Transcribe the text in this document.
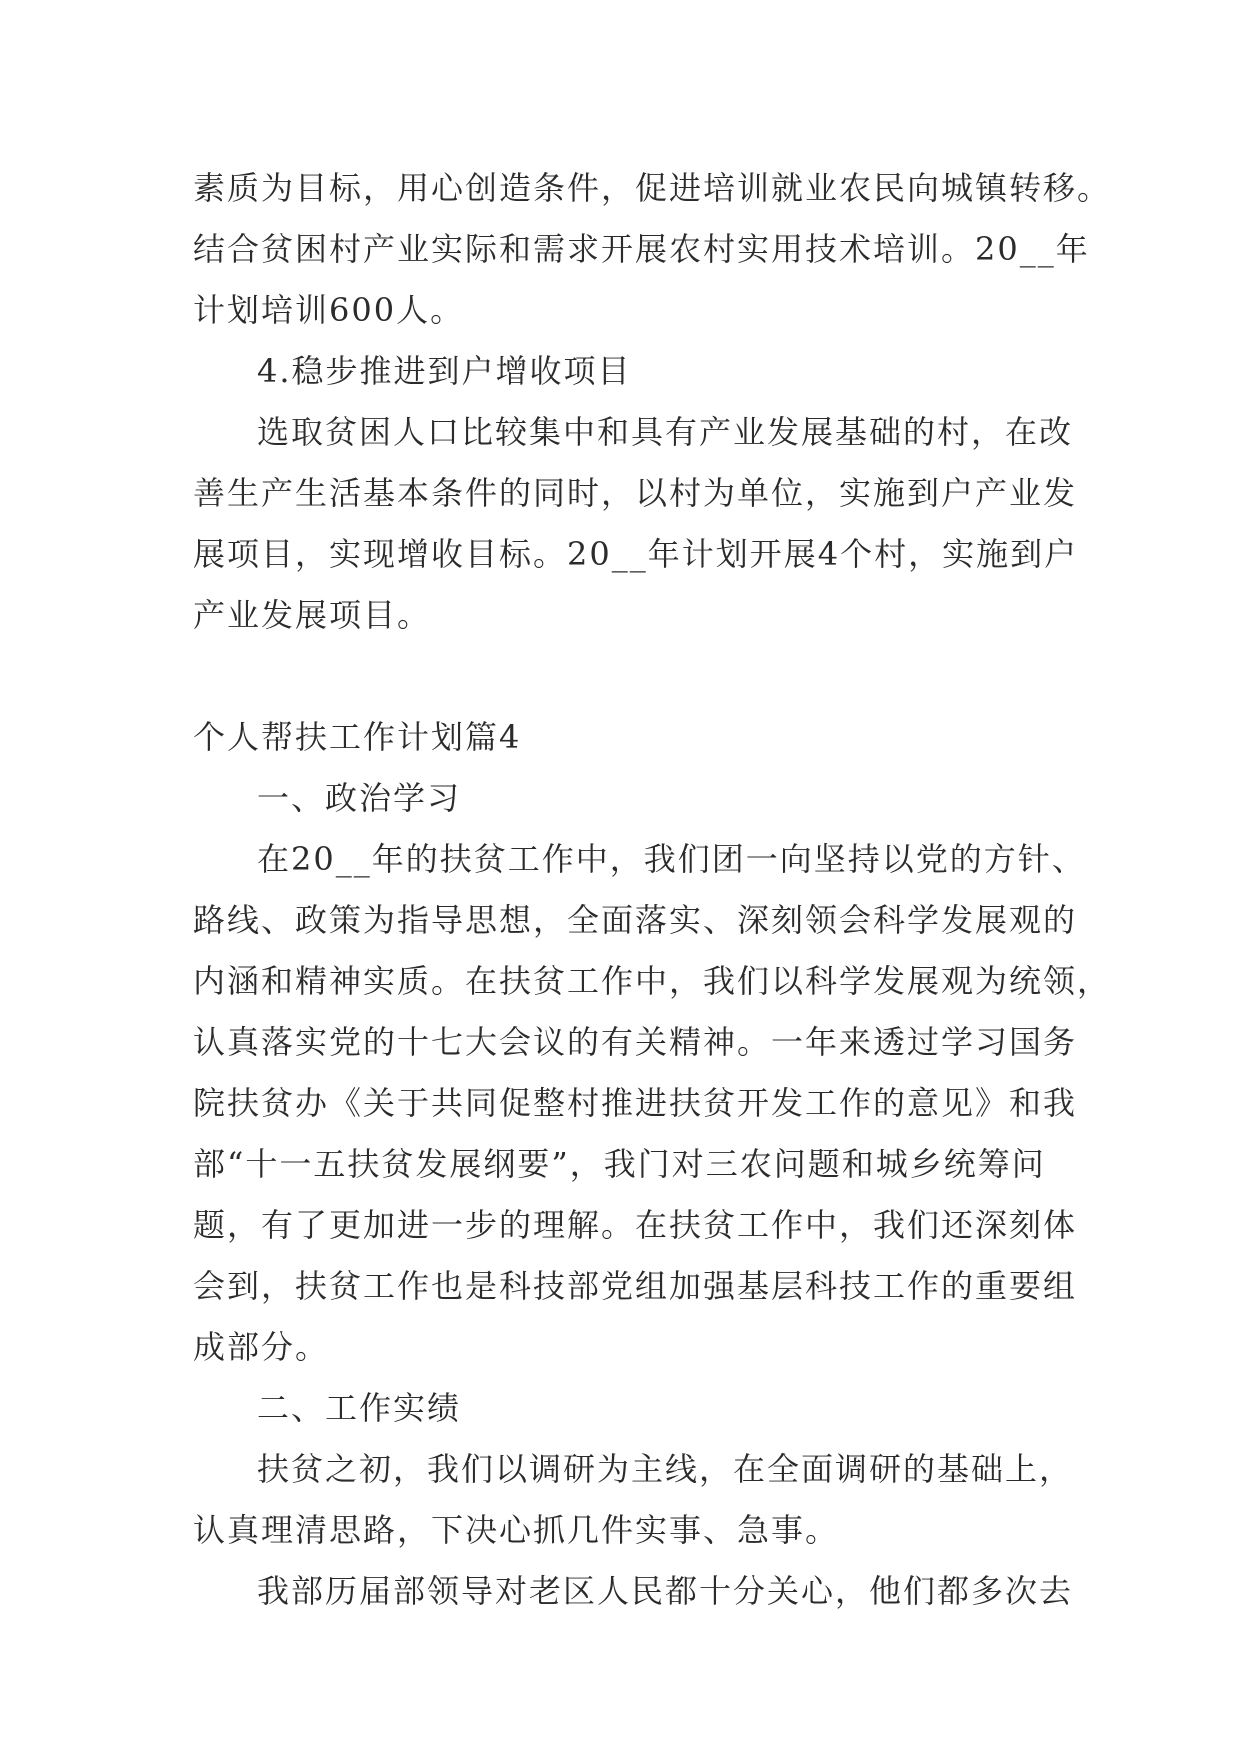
素质为目标，用心创造条件，促进培训就业农民向城镇转移。
结合贫困村产业实际和需求开展农村实用技术培训。20__年
计划培训600人。
4.稳步推进到户增收项目
选取贫困人口比较集中和具有产业发展基础的村，在改
善生产生活基本条件的同时，以村为单位，实施到户产业发
展项目，实现增收目标。20__年计划开展4个村，实施到户
产业发展项目。
个人帮扶工作计划篇4
一、政治学习
在20__年的扶贫工作中，我们团一向坚持以党的方针、
路线、政策为指导思想，全面落实、深刻领会科学发展观的
内涵和精神实质。在扶贫工作中，我们以科学发展观为统领，
认真落实党的十七大会议的有关精神。一年来透过学习国务
院扶贫办《关于共同促整村推进扶贫开发工作的意见》和我
部“十一五扶贫发展纲要”，我门对三农问题和城乡统筹问
题，有了更加进一步的理解。在扶贫工作中，我们还深刻体
会到，扶贫工作也是科技部党组加强基层科技工作的重要组
成部分。
二、工作实绩
扶贫之初，我们以调研为主线，在全面调研的基础上，
认真理清思路，下决心抓几件实事、急事。
我部历届部领导对老区人民都十分关心，他们都多次去
